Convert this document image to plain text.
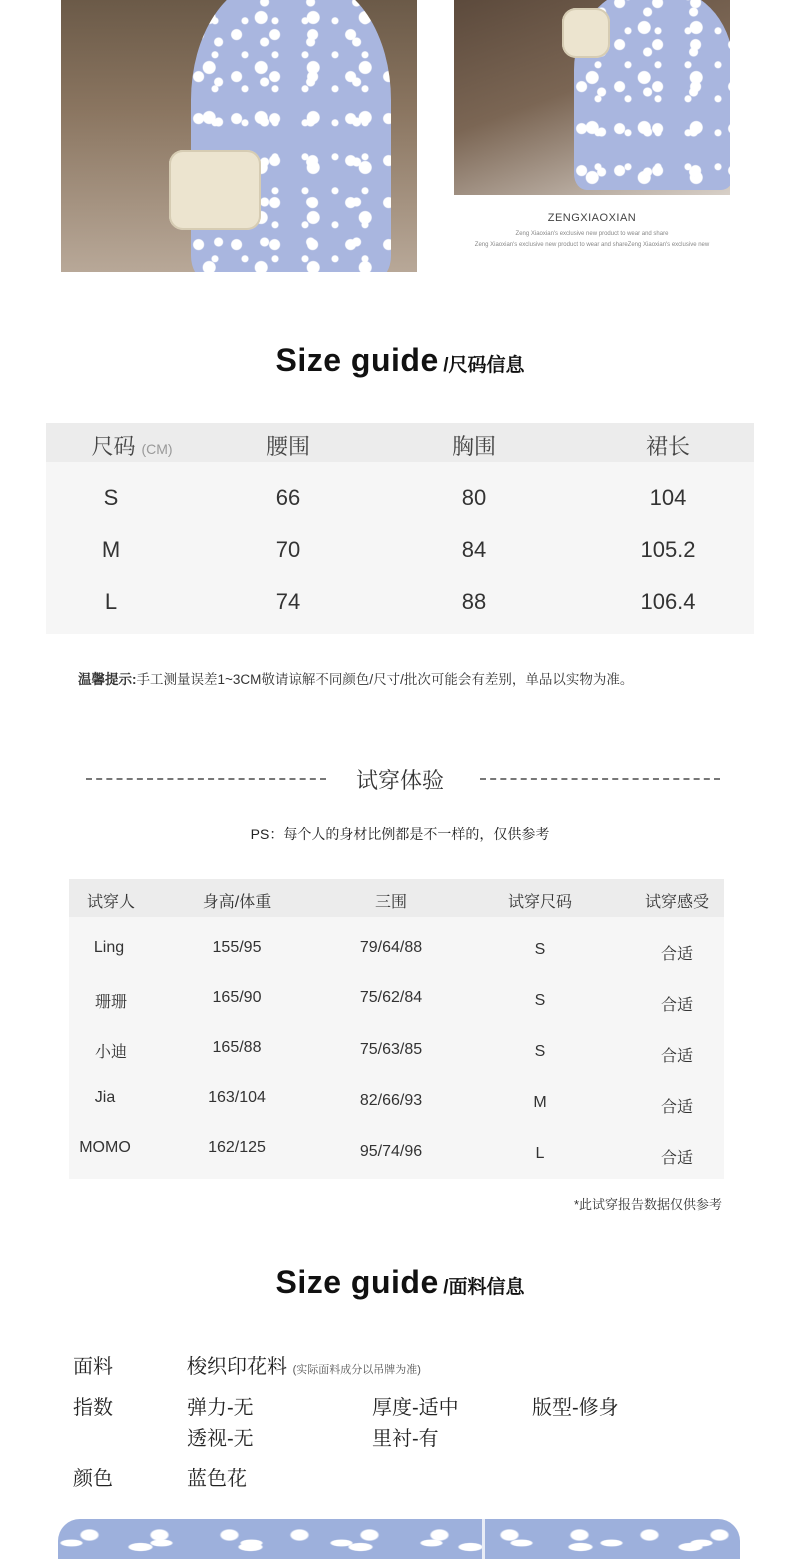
ZENGXIAOXIAN
Zeng Xiaoxian's exclusive new product to wear and share
Zeng Xiaoxian's exclusive new product to wear and shareZeng Xiaoxian's exclusive new
Size guide /尺码信息
尺码 (CM)	腰围	胸围	裙长
S	66	80	104
M	70	84	105.2
L	74	88	106.4
温馨提示:手工测量误差1~3CM敬请谅解不同颜色/尺寸/批次可能会有差别，单品以实物为准。
试穿体验
PS：每个人的身材比例都是不一样的，仅供参考
试穿人	身高/体重	三围	试穿尺码	试穿感受
Ling	155/95	79/64/88	S	合适
珊珊	165/90	75/62/84	S	合适
小迪	165/88	75/63/85	S	合适
Jia	163/104	82/66/93	M	合适
MOMO	162/125	95/74/96	L	合适
*此试穿报告数据仅供参考
Size guide /面料信息
面料	梭织印花料 (实际面料成分以吊牌为准)
指数	弹力-无	厚度-适中	版型-修身
透视-无	里衬-有
颜色	蓝色花
